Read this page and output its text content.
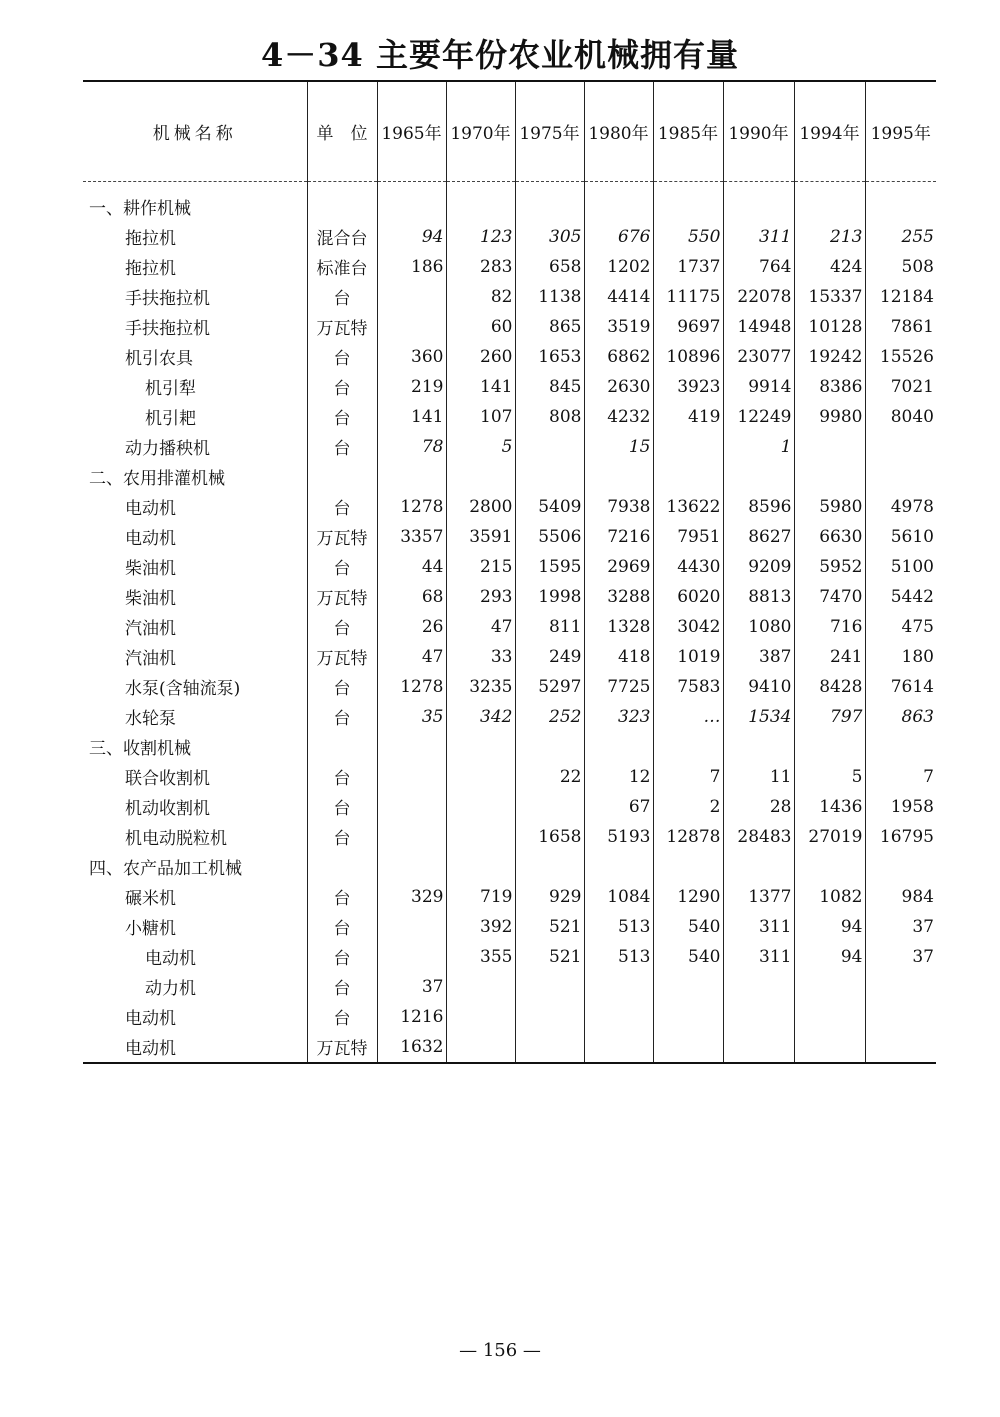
4－34 主要年份农业机械拥有量
机械名称	单　位	1965年	1970年	1975年	1980年	1985年	1990年	1994年	1995年
一、耕作机械									
拖拉机	混合台	94	123	305	676	550	311	213	255
拖拉机	标准台	186	283	658	1202	1737	764	424	508
手扶拖拉机	台		82	1138	4414	11175	22078	15337	12184
手扶拖拉机	万瓦特		60	865	3519	9697	14948	10128	7861
机引农具	台	360	260	1653	6862	10896	23077	19242	15526
机引犁	台	219	141	845	2630	3923	9914	8386	7021
机引耙	台	141	107	808	4232	419	12249	9980	8040
动力播秧机	台	78	5		15		1		
二、农用排灌机械									
电动机	台	1278	2800	5409	7938	13622	8596	5980	4978
电动机	万瓦特	3357	3591	5506	7216	7951	8627	6630	5610
柴油机	台	44	215	1595	2969	4430	9209	5952	5100
柴油机	万瓦特	68	293	1998	3288	6020	8813	7470	5442
汽油机	台	26	47	811	1328	3042	1080	716	475
汽油机	万瓦特	47	33	249	418	1019	387	241	180
水泵(含轴流泵)	台	1278	3235	5297	7725	7583	9410	8428	7614
水轮泵	台	35	342	252	323	…	1534	797	863
三、收割机械									
联合收割机	台			22	12	7	11	5	7
机动收割机	台				67	2	28	1436	1958
机电动脱粒机	台			1658	5193	12878	28483	27019	16795
四、农产品加工机械									
碾米机	台	329	719	929	1084	1290	1377	1082	984
小糖机	台		392	521	513	540	311	94	37
电动机	台		355	521	513	540	311	94	37
动力机	台	37							
电动机	台	1216							
电动机	万瓦特	1632							
— 156 —
